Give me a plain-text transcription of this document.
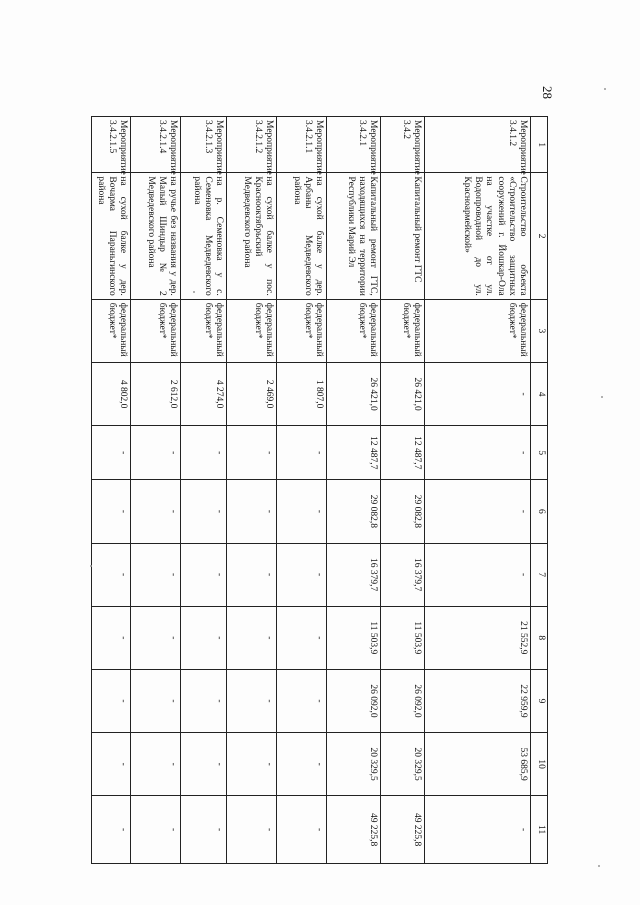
28
1	2	3	4	5	6	7	8	9	10	11
Мероприятие 3.4.1.2	Строительство объекта «Строительство защитных сооружений г. Йошкар-Ола на участке от ул. Водопроводной до ул. Красноармейской»	федеральный бюджет*	-	-	-	-	21 552,9	22 959,9	53 685,9	-
Мероприятие 3.4.2	Капитальный ремонт ГТС	федеральный бюджет*	26 421,0	12 487,7	29 082,8	16 379,7	11 503,9	26 092,0	20 329,5	49 225,8
Мероприятие 3.4.2.1	Капитальный ремонт ГТС, находящихся на территории Республики Марий Эл	федеральный бюджет*	26 421,0	12 487,7	29 082,8	16 379,7	11 503,9	26 092,0	20 329,5	49 225,8
Мероприятие 3.4.2.1.1	на сухой балке у дер. Арбаны Медведевского района	федеральный бюджет*	1 807,0	-	-	-	-	-	-	-
Мероприятие 3.4.2.1.2	на сухой балке у пос. Краснооктябрьский Медведевского района	федеральный бюджет*	2 469,0	-	-	-	-	-	-	-
Мероприятие 3.4.2.1.3	на р. Семеновка у с. Семеновка Медведевского района	федеральный бюджет*	4 274,0	-	-	-	-	-	-	-
Мероприятие 3.4.2.1.4	на ручье без названия у дер. Малый Шиндыр № 2 Медведевского района	федеральный бюджет*	2 612,0	-	-	-	-	-	-	-
Мероприятие 3.4.2.1.5	на сухой балке у дер. Вочарма Параньгинского района	федеральный бюджет*	4 802,0	-	-	-	-	-	-	-
